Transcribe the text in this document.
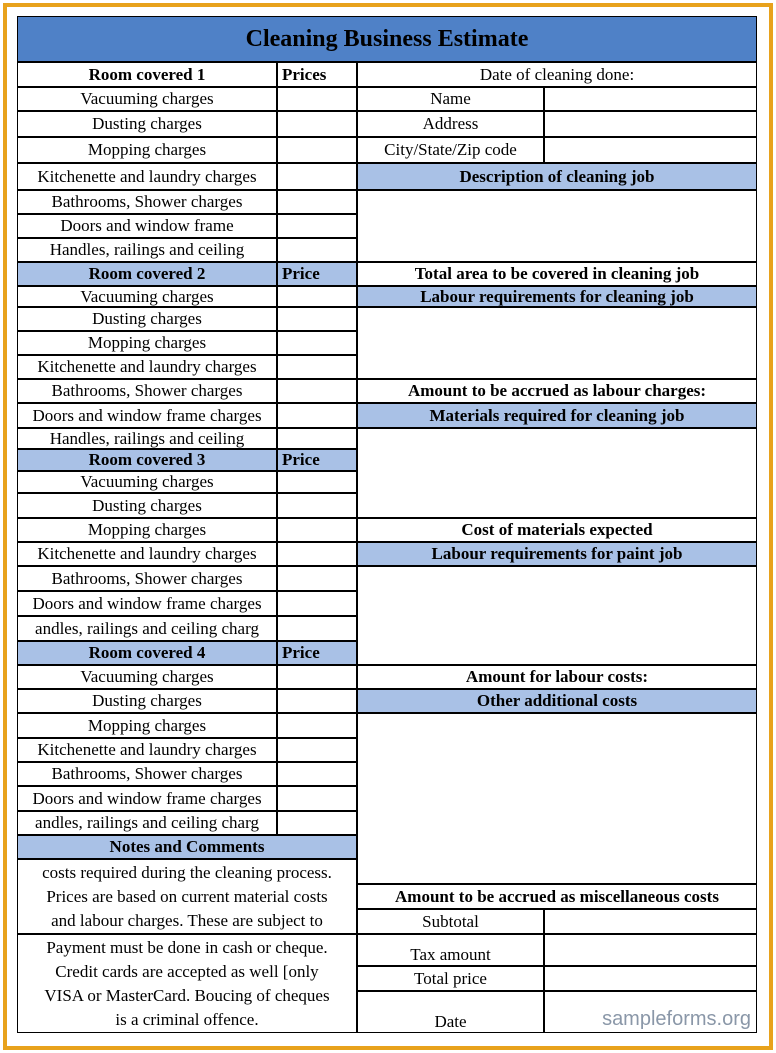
Cleaning Business Estimate
Date of cleaning done:
Name
Address
City/State/Zip code
Description of cleaning job
Total area to be covered in cleaning job
Labour requirements for cleaning job
Amount to be accrued as labour charges:
Materials required for cleaning job
Cost of materials expected
Labour requirements for paint job
Amount for labour costs:
Other additional costs
Amount to be accrued as miscellaneous costs
Subtotal
Tax amount
Total price
Date	sampleforms.org
Notes and Comments
costs required during the cleaning process.
Prices are based on current material costs
and labour charges. These are subject to
Payment must be done in cash or cheque.
Credit cards are accepted as well [only
VISA or MasterCard. Boucing of cheques
is a criminal offence.
Room covered 1	Prices
Vacuuming charges
Dusting charges
Mopping charges
Kitchenette and laundry charges
Bathrooms, Shower charges
Doors and window frame
Handles, railings and ceiling
Room covered 2	Price
Vacuuming charges
Dusting charges
Mopping charges
Kitchenette and laundry charges
Bathrooms, Shower charges
Doors and window frame charges
Handles, railings and ceiling
Room covered 3	Price
Vacuuming charges
Dusting charges
Mopping charges
Kitchenette and laundry charges
Bathrooms, Shower charges
Doors and window frame charges
andles, railings and ceiling charg
Room covered 4	Price
Vacuuming charges
Dusting charges
Mopping charges
Kitchenette and laundry charges
Bathrooms, Shower charges
Doors and window frame charges
andles, railings and ceiling charg
